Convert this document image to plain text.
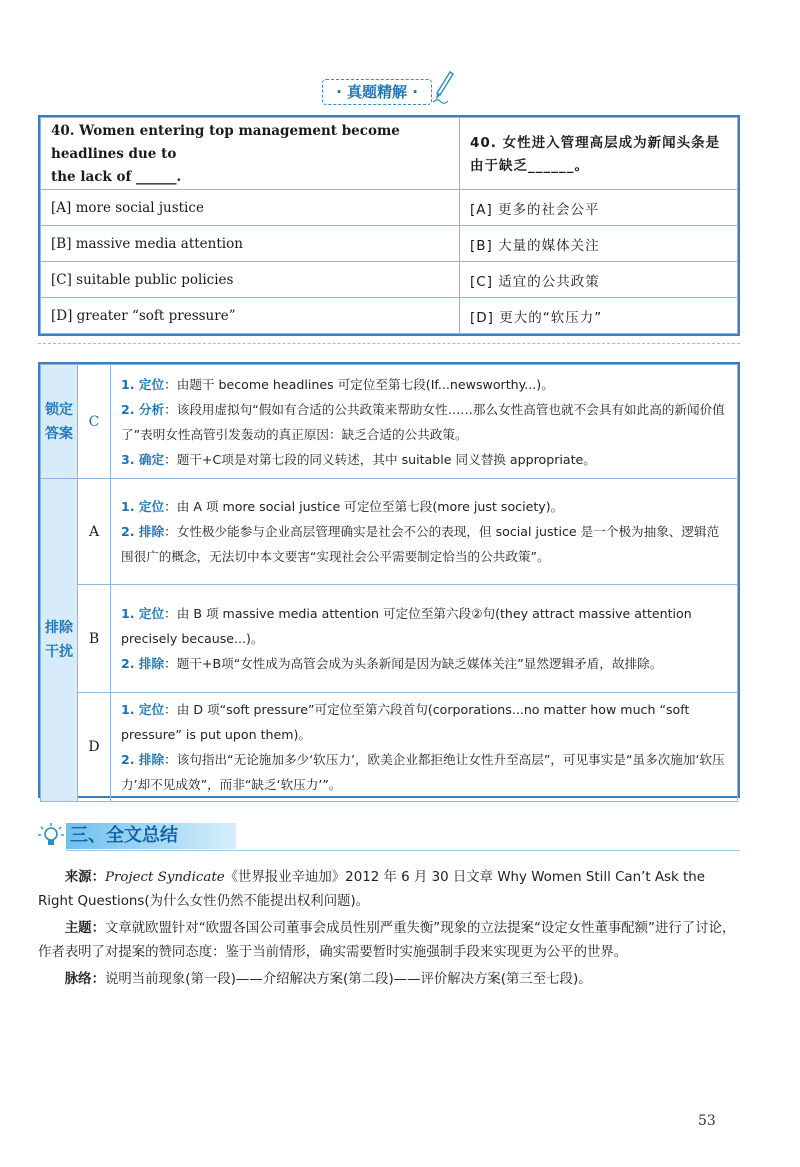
· 真题精解 ·
40. Women entering top management become headlines due to
the lack of ______.	40. 女性进入管理高层成为新闻头条是
由于缺乏______。
[A] more social justice	[A] 更多的社会公平
[B] massive media attention	[B] 大量的媒体关注
[C] suitable public policies	[C] 适宜的公共政策
[D] greater “soft pressure”	[D] 更大的“软压力”
锁定答案	C	1. 定位：由题干 become headlines 可定位至第七段(If...newsworthy...)。

2. 分析：该段用虚拟句“假如有合适的公共政策来帮助女性……那么女性高管也就不会具有如此高的新闻价值了”表明女性高管引发轰动的真正原因：缺乏合适的公共政策。

3. 确定：题干+C项是对第七段的同义转述，其中 suitable 同义替换 appropriate。

排除干扰	A	1. 定位：由 A 项 more social justice 可定位至第七段(more just society)。

2. 排除：女性极少能参与企业高层管理确实是社会不公的表现，但 social justice 是一个极为抽象、逻辑范围很广的概念，无法切中本文要害“实现社会公平需要制定恰当的公共政策”。

	B	1. 定位：由 B 项 massive media attention 可定位至第六段②句(they attract massive attention precisely because...)。

2. 排除：题干+B项“女性成为高管会成为头条新闻是因为缺乏媒体关注”显然逻辑矛盾，故排除。

	D	1. 定位：由 D 项“soft pressure”可定位至第六段首句(corporations...no matter how much “soft pressure” is put upon them)。

2. 排除：该句指出“无论施加多少‘软压力’，欧美企业都拒绝让女性升至高层”，可见事实是“虽多次施加‘软压力’却不见成效”，而非“缺乏‘软压力’”。

三、全文总结

来源：Project Syndicate《世界报业辛迪加》2012 年 6 月 30 日文章 Why Women Still Can’t Ask the Right Questions(为什么女性仍然不能提出权利问题)。

主题：文章就欧盟针对“欧盟各国公司董事会成员性别严重失衡”现象的立法提案“设定女性董事配额”进行了讨论，作者表明了对提案的赞同态度：鉴于当前情形，确实需要暂时实施强制手段来实现更为公平的世界。

脉络：说明当前现象(第一段)——介绍解决方案(第二段)——评价解决方案(第三至七段)。

53
